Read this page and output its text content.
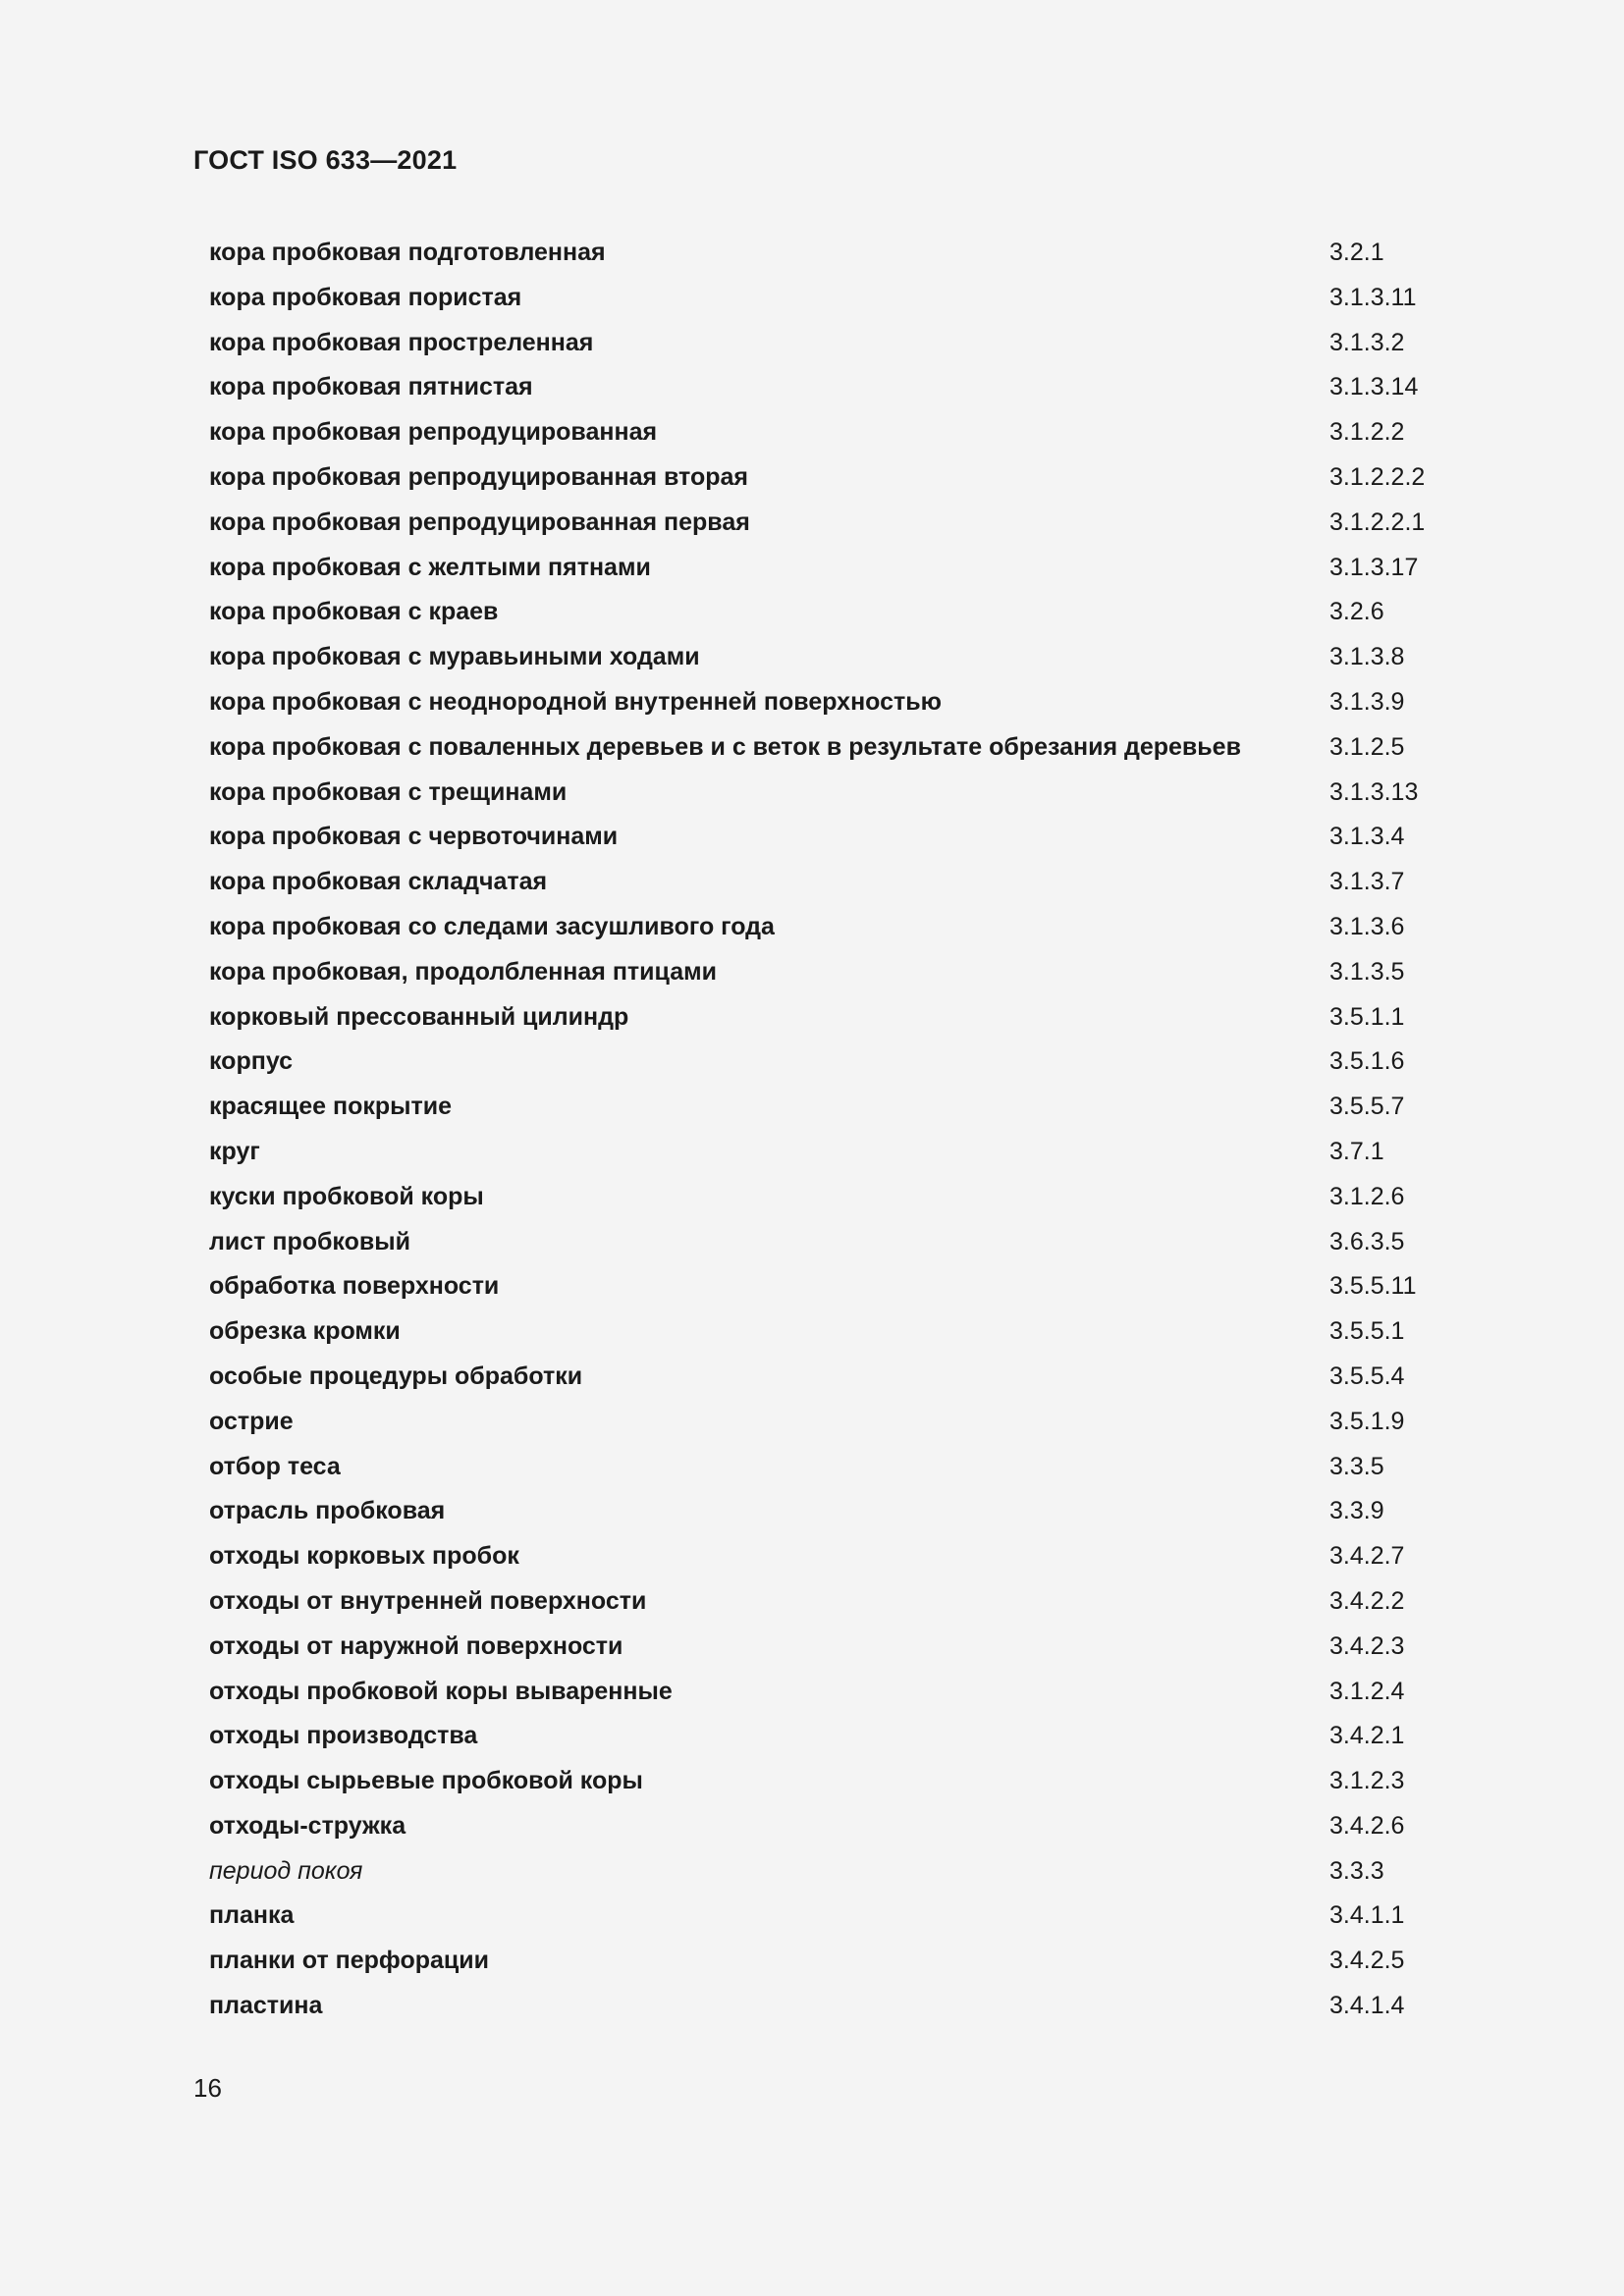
ГОСТ ISO 633—2021
кора пробковая подготовленная	3.2.1
кора пробковая пористая	3.1.3.11
кора пробковая простреленная	3.1.3.2
кора пробковая пятнистая	3.1.3.14
кора пробковая репродуцированная	3.1.2.2
кора пробковая репродуцированная вторая	3.1.2.2.2
кора пробковая репродуцированная первая	3.1.2.2.1
кора пробковая с желтыми пятнами	3.1.3.17
кора пробковая с краев	3.2.6
кора пробковая с муравьиными ходами	3.1.3.8
кора пробковая с неоднородной внутренней поверхностью	3.1.3.9
кора пробковая с поваленных деревьев и с веток в результате обрезания деревьев	3.1.2.5
кора пробковая с трещинами	3.1.3.13
кора пробковая с червоточинами	3.1.3.4
кора пробковая складчатая	3.1.3.7
кора пробковая со следами засушливого года	3.1.3.6
кора пробковая, продолбленная птицами	3.1.3.5
корковый прессованный цилиндр	3.5.1.1
корпус	3.5.1.6
красящее покрытие	3.5.5.7
круг	3.7.1
куски пробковой коры	3.1.2.6
лист пробковый	3.6.3.5
обработка поверхности	3.5.5.11
обрезка кромки	3.5.5.1
особые процедуры обработки	3.5.5.4
острие	3.5.1.9
отбор теса	3.3.5
отрасль пробковая	3.3.9
отходы корковых пробок	3.4.2.7
отходы от внутренней поверхности	3.4.2.2
отходы от наружной поверхности	3.4.2.3
отходы пробковой коры вываренные	3.1.2.4
отходы производства	3.4.2.1
отходы сырьевые пробковой коры	3.1.2.3
отходы-стружка	3.4.2.6
период покоя	3.3.3
планка	3.4.1.1
планки от перфорации	3.4.2.5
пластина	3.4.1.4
16
